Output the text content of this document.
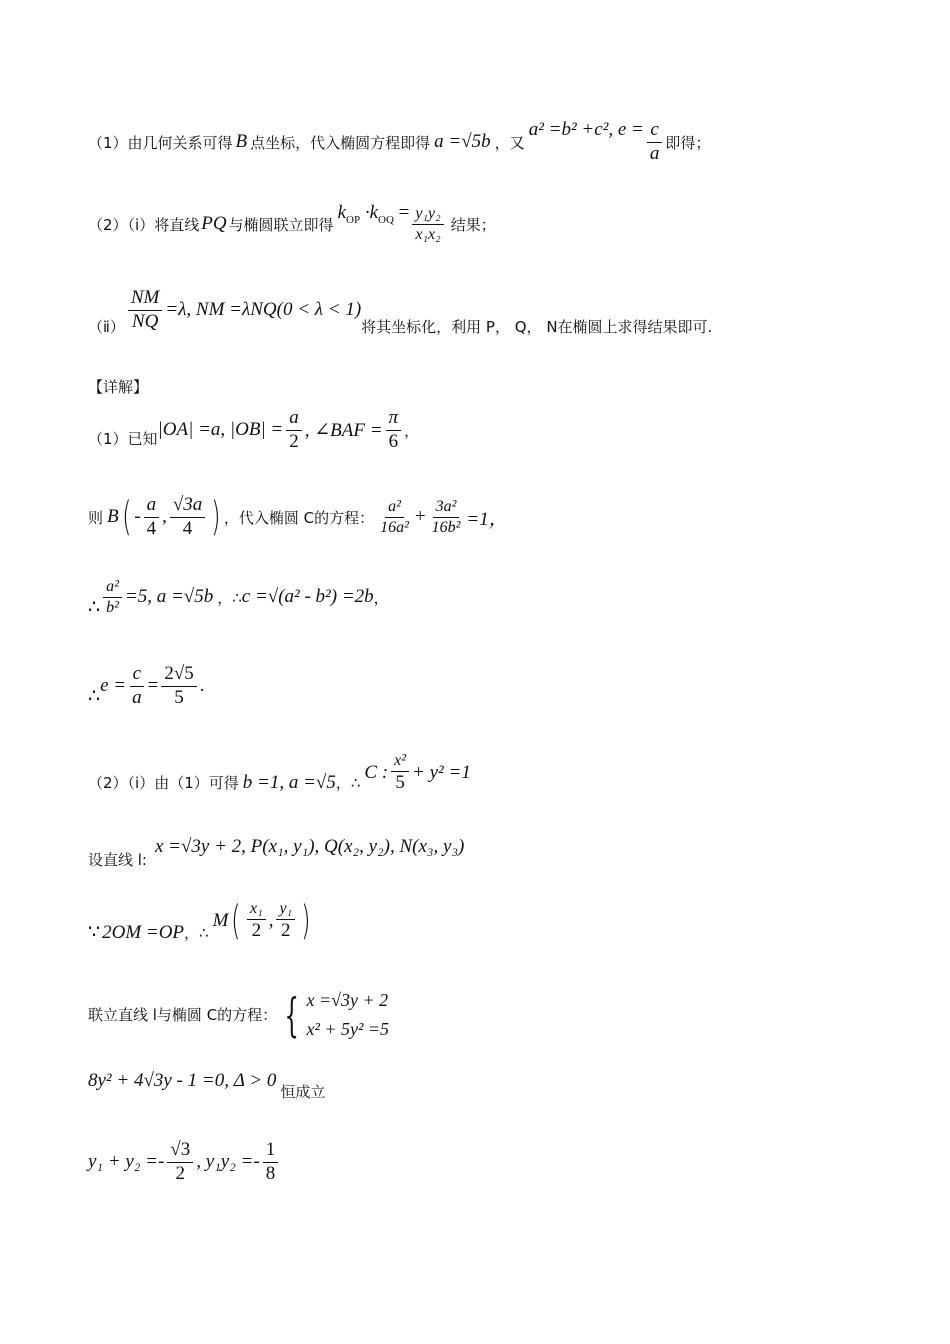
（1）由几何关系可得 B 点坐标，代入椭圆方程即得 a =√5b ，又
a² =b² +c², $e = \frac{c}{a}$ 即得；
（2）（ⅰ）将直线 PQ 与椭圆联立即得
$k_{OP} \cdot k_{OQ} = \frac{\text{y₁y₂}}{\text{x₁x₂}}$ 结果；
（ⅱ） $\frac{NM}{NQ} =\lambda$, NM =λNQ(0 < λ < 1)
将其坐标化，利用 P， Q， N在椭圆上求得结果即可.
【详解】
（1）已知 |OA| =a, $|OB| = \frac{a}{2}$ , ∠BAF = $\frac{\pi}{6}$ ，
则 B ( - $\frac{a}{4}$ , $\frac{√3a}{4}$ ) ，代入椭圆 C的方程： $\frac{\text{a²}}{\text{16a²}} + \frac{\text{3a²}}{\text{16b²}} =1$，
∴ $\frac{\text{a²}}{\text{b²}} =5$, a =√5b ，∴ c =√(a² - b²) =2b ，
∴ $e = \frac{c}{a} = \frac{2√5}{5}$ .
（2）（ⅰ）由（1）可得 b =1, a =√5 ，∴
C : $\frac{\text{x²}}{5} + y^2 =1$
设直线 l:
x =√3y + 2, P(x₁, y₁), Q(x₂, y₂), N(x₃, y₃)
∵ 2OM =OP ，∴
M ( $\frac{\text{x₁}}{2}$ , $\frac{\text{y₁}}{2}$ )
联立直线 l与椭圆 C的方程： { x =√3y + 2
x² + 5y² =5
8y² + 4√3y - 1 =0, Δ > 0
恒成立
$y_1 + y_2 =- \frac{√3}{2}$ , $y_1y_2 =- \frac{1}{8}$
